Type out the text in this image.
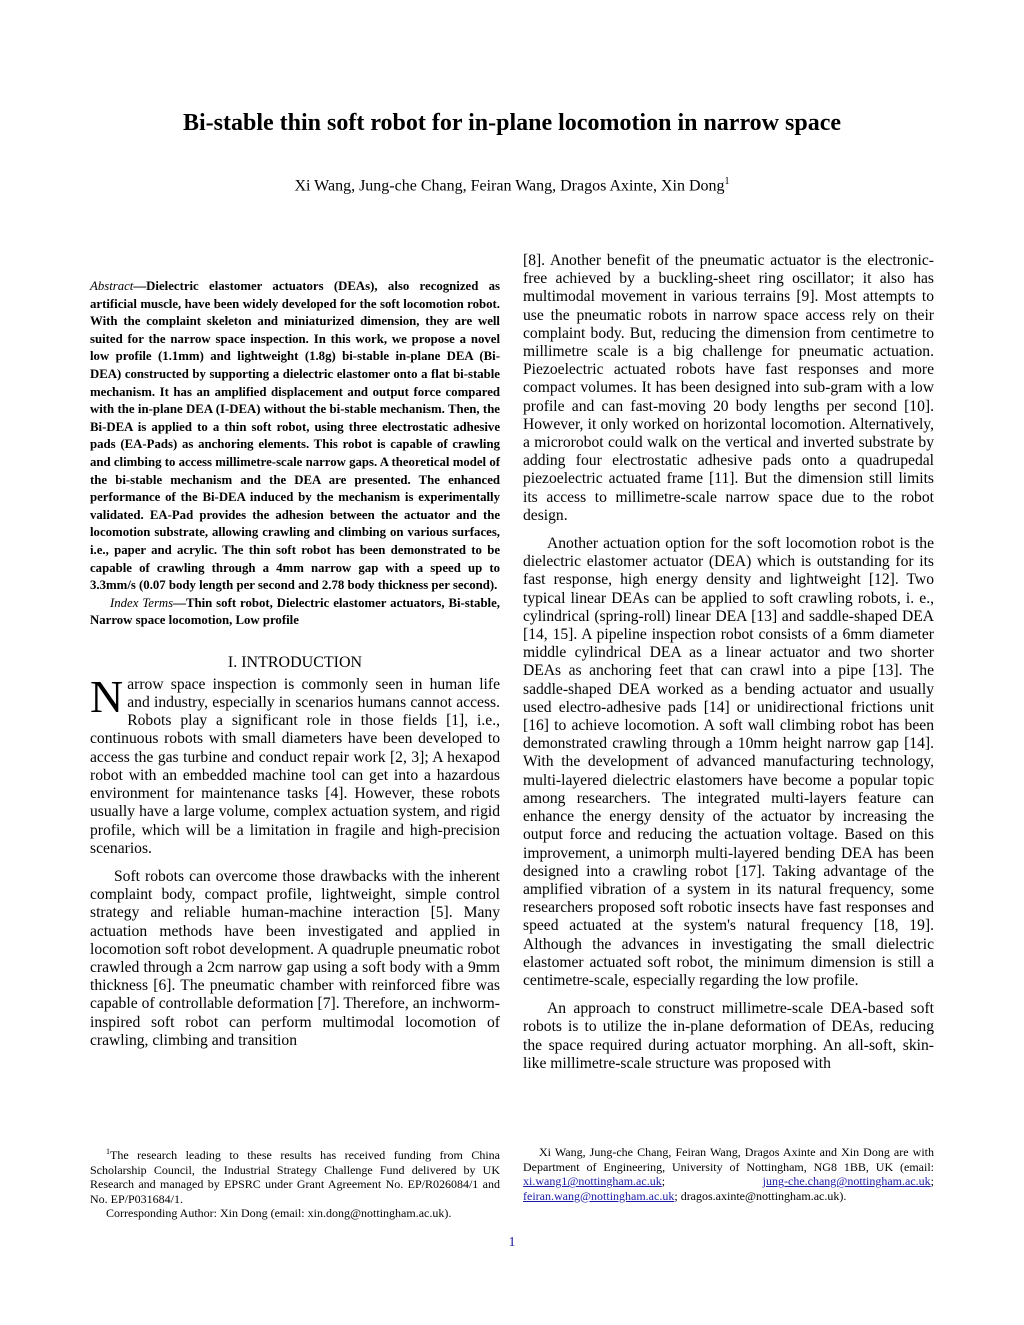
Bi-stable thin soft robot for in-plane locomotion in narrow space

Xi Wang, Jung-che Chang, Feiran Wang, Dragos Axinte, Xin Dong$^1$

Abstract—Dielectric elastomer actuators (DEAs), also recognized as artificial muscle, have been widely developed for the soft locomotion robot. With the complaint skeleton and miniaturized dimension, they are well suited for the narrow space inspection. In this work, we propose a novel low profile (1.1mm) and lightweight (1.8g) bi-stable in-plane DEA (Bi-DEA) constructed by supporting a dielectric elastomer onto a flat bi-stable mechanism. It has an amplified displacement and output force compared with the in-plane DEA (I-DEA) without the bi-stable mechanism. Then, the Bi-DEA is applied to a thin soft robot, using three electrostatic adhesive pads (EA-Pads) as anchoring elements. This robot is capable of crawling and climbing to access millimetre-scale narrow gaps. A theoretical model of the bi-stable mechanism and the DEA are presented. The enhanced performance of the Bi-DEA induced by the mechanism is experimentally validated. EA-Pad provides the adhesion between the actuator and the locomotion substrate, allowing crawling and climbing on various surfaces, i.e., paper and acrylic. The thin soft robot has been demonstrated to be capable of crawling through a 4mm narrow gap with a speed up to 3.3mm/s (0.07 body length per second and 2.78 body thickness per second).

Index Terms—Thin soft robot, Dielectric elastomer actuators, Bi-stable, Narrow space locomotion, Low profile

I. INTRODUCTION

Narrow space inspection is commonly seen in human life and industry, especially in scenarios humans cannot access. Robots play a significant role in those fields [1], i.e., continuous robots with small diameters have been developed to access the gas turbine and conduct repair work [2, 3]; A hexapod robot with an embedded machine tool can get into a hazardous environment for maintenance tasks [4]. However, these robots usually have a large volume, complex actuation system, and rigid profile, which will be a limitation in fragile and high-precision scenarios.

Soft robots can overcome those drawbacks with the inherent complaint body, compact profile, lightweight, simple control strategy and reliable human-machine interaction [5]. Many actuation methods have been investigated and applied in locomotion soft robot development. A quadruple pneumatic robot crawled through a 2cm narrow gap using a soft body with a 9mm thickness [6]. The pneumatic chamber with reinforced fibre was capable of controllable deformation [7]. Therefore, an inchworm-inspired soft robot can perform multimodal locomotion of crawling, climbing and transition

[8]. Another benefit of the pneumatic actuator is the electronic-free achieved by a buckling-sheet ring oscillator; it also has multimodal movement in various terrains [9]. Most attempts to use the pneumatic robots in narrow space access rely on their complaint body. But, reducing the dimension from centimetre to millimetre scale is a big challenge for pneumatic actuation. Piezoelectric actuated robots have fast responses and more compact volumes. It has been designed into sub-gram with a low profile and can fast-moving 20 body lengths per second [10]. However, it only worked on horizontal locomotion. Alternatively, a microrobot could walk on the vertical and inverted substrate by adding four electrostatic adhesive pads onto a quadrupedal piezoelectric actuated frame [11]. But the dimension still limits its access to millimetre-scale narrow space due to the robot design.

Another actuation option for the soft locomotion robot is the dielectric elastomer actuator (DEA) which is outstanding for its fast response, high energy density and lightweight [12]. Two typical linear DEAs can be applied to soft crawling robots, i. e., cylindrical (spring-roll) linear DEA [13] and saddle-shaped DEA [14, 15]. A pipeline inspection robot consists of a 6mm diameter middle cylindrical DEA as a linear actuator and two shorter DEAs as anchoring feet that can crawl into a pipe [13]. The saddle-shaped DEA worked as a bending actuator and usually used electro-adhesive pads [14] or unidirectional frictions unit [16] to achieve locomotion. A soft wall climbing robot has been demonstrated crawling through a 10mm height narrow gap [14]. With the development of advanced manufacturing technology, multi-layered dielectric elastomers have become a popular topic among researchers. The integrated multi-layers feature can enhance the energy density of the actuator by increasing the output force and reducing the actuation voltage. Based on this improvement, a unimorph multi-layered bending DEA has been designed into a crawling robot [17]. Taking advantage of the amplified vibration of a system in its natural frequency, some researchers proposed soft robotic insects have fast responses and speed actuated at the system's natural frequency [18, 19]. Although the advances in investigating the small dielectric elastomer actuated soft robot, the minimum dimension is still a centimetre-scale, especially regarding the low profile.

An approach to construct millimetre-scale DEA-based soft robots is to utilize the in-plane deformation of DEAs, reducing the space required during actuator morphing. An all-soft, skin-like millimetre-scale structure was proposed with

$^1$The research leading to these results has received funding from China Scholarship Council, the Industrial Strategy Challenge Fund delivered by UK Research and managed by EPSRC under Grant Agreement No. EP/R026084/1 and No. EP/P031684/1.

Corresponding Author: Xin Dong (email: xin.dong@nottingham.ac.uk).

Xi Wang, Jung-che Chang, Feiran Wang, Dragos Axinte and Xin Dong are with Department of Engineering, University of Nottingham, NG8 1BB, UK (email: xi.wang1@nottingham.ac.uk; jung-che.chang@nottingham.ac.uk; feiran.wang@nottingham.ac.uk; dragos.axinte@nottingham.ac.uk).

1
